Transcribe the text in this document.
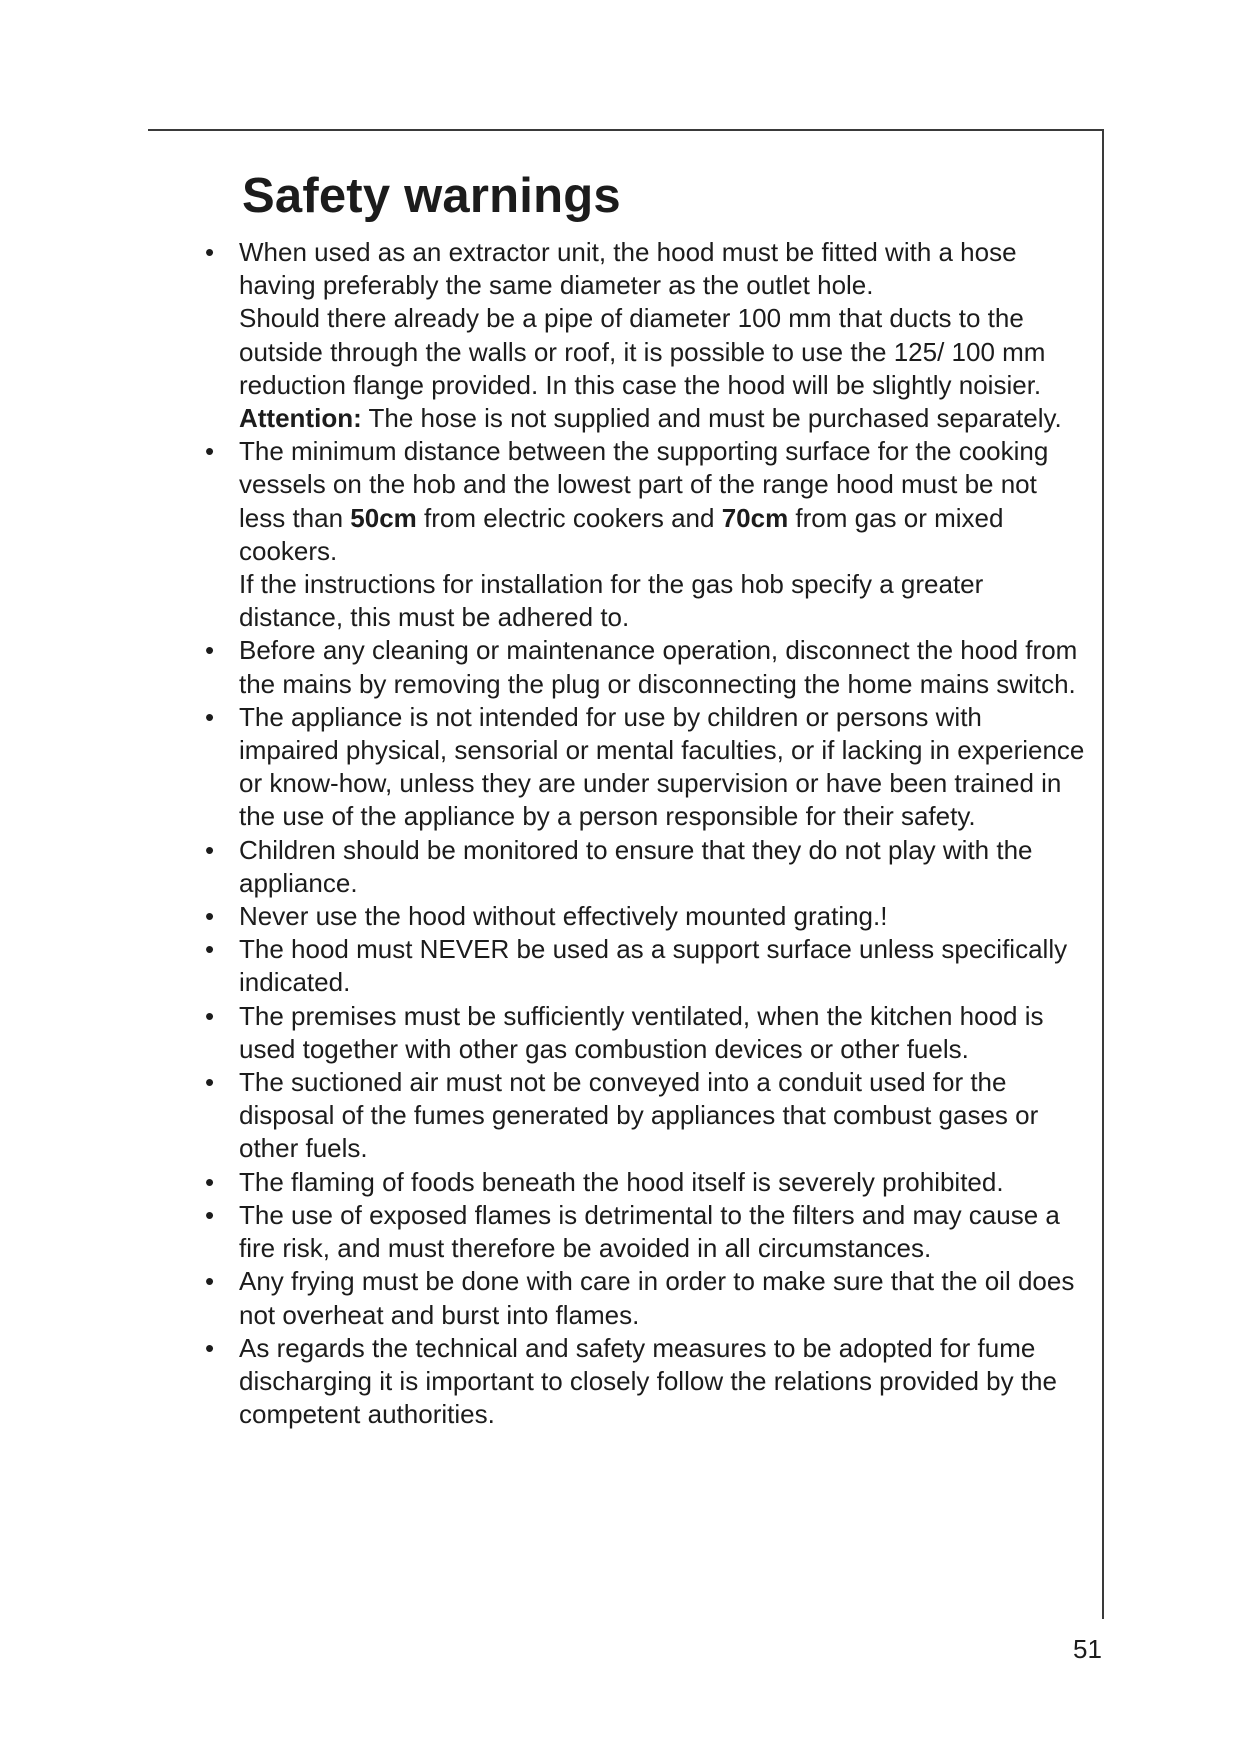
Safety warnings
• When used as an extractor unit, the hood must be fitted with a hose having preferably the same diameter as the outlet hole.

Should there already be a pipe of diameter 100 mm that ducts to the outside through the walls or roof, it is possible to use the 125/ 100 mm reduction flange provided. In this case the hood will be slightly noisier.

Attention: The hose is not supplied and must be purchased separately.

• The minimum distance between the supporting surface for the cooking vessels on the hob and the lowest part of the range hood must be not less than 50cm from electric cookers and 70cm from gas or mixed cookers.

If the instructions for installation for the gas hob specify a greater distance, this must be adhered to.

• Before any cleaning or maintenance operation, disconnect the hood from the mains by removing the plug or disconnecting the home mains switch.

• The appliance is not intended for use by children or persons with impaired physical, sensorial or mental faculties, or if lacking in experience or know-how, unless they are under supervision or have been trained in the use of the appliance by a person responsible for their safety.

• Children should be monitored to ensure that they do not play with the appliance.

• Never use the hood without effectively mounted grating.!

• The hood must NEVER be used as a support surface unless specifically indicated.

• The premises must be sufficiently ventilated, when the kitchen hood is used together with other gas combustion devices or other fuels.

• The suctioned air must not be conveyed into a conduit used for the disposal of the fumes generated by appliances that combust gases or other fuels.

• The flaming of foods beneath the hood itself is severely prohibited.

• The use of exposed flames is detrimental to the filters and may cause a fire risk, and must therefore be avoided in all circumstances.

• Any frying must be done with care in order to make sure that the oil does not overheat and burst into flames.

• As regards the technical and safety measures to be adopted for fume discharging it is important to closely follow the relations provided by the competent authorities.

51
